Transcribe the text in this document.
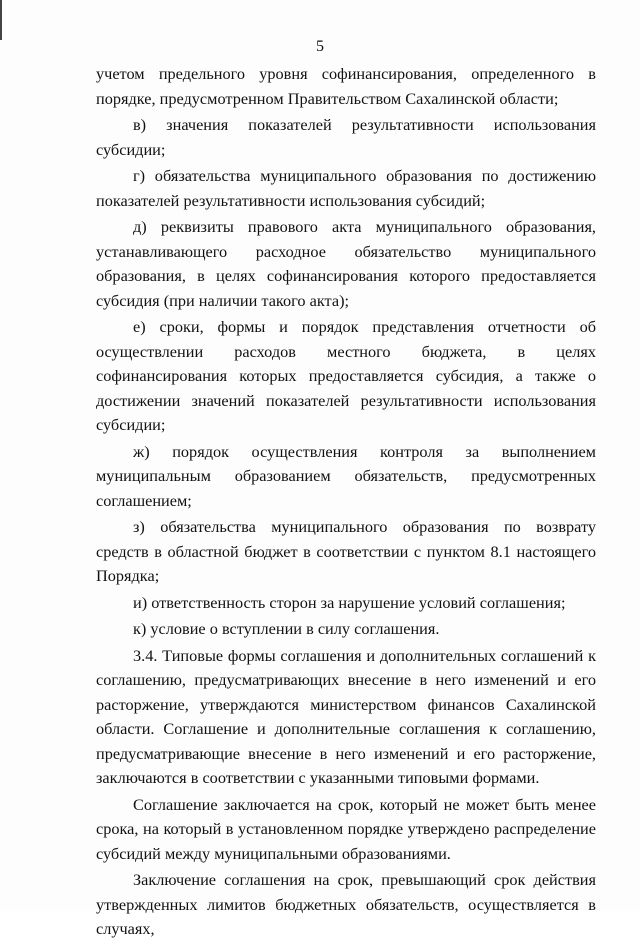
5

учетом предельного уровня софинансирования, определенного в порядке, предусмотренном Правительством Сахалинской области;

в) значения показателей результативности использования субсидии;

г) обязательства муниципального образования по достижению показателей результативности использования субсидий;

д) реквизиты правового акта муниципального образования, устанавливающего расходное обязательство муниципального образования, в целях софинансирования которого предоставляется субсидия (при наличии такого акта);

е) сроки, формы и порядок представления отчетности об осуществлении расходов местного бюджета, в целях софинансирования которых предоставляется субсидия, а также о достижении значений показателей результативности использования субсидии;

ж) порядок осуществления контроля за выполнением муниципальным образованием обязательств, предусмотренных соглашением;

з) обязательства муниципального образования по возврату средств в областной бюджет в соответствии с пунктом 8.1 настоящего Порядка;

и) ответственность сторон за нарушение условий соглашения;

к) условие о вступлении в силу соглашения.

3.4. Типовые формы соглашения и дополнительных соглашений к соглашению, предусматривающих внесение в него изменений и его расторжение, утверждаются министерством финансов Сахалинской области. Соглашение и дополнительные соглашения к соглашению, предусматривающие внесение в него изменений и его расторжение, заключаются в соответствии с указанными типовыми формами.

Соглашение заключается на срок, который не может быть менее срока, на который в установленном порядке утверждено распределение субсидий между муниципальными образованиями.

Заключение соглашения на срок, превышающий срок действия утвержденных лимитов бюджетных обязательств, осуществляется в случаях,
